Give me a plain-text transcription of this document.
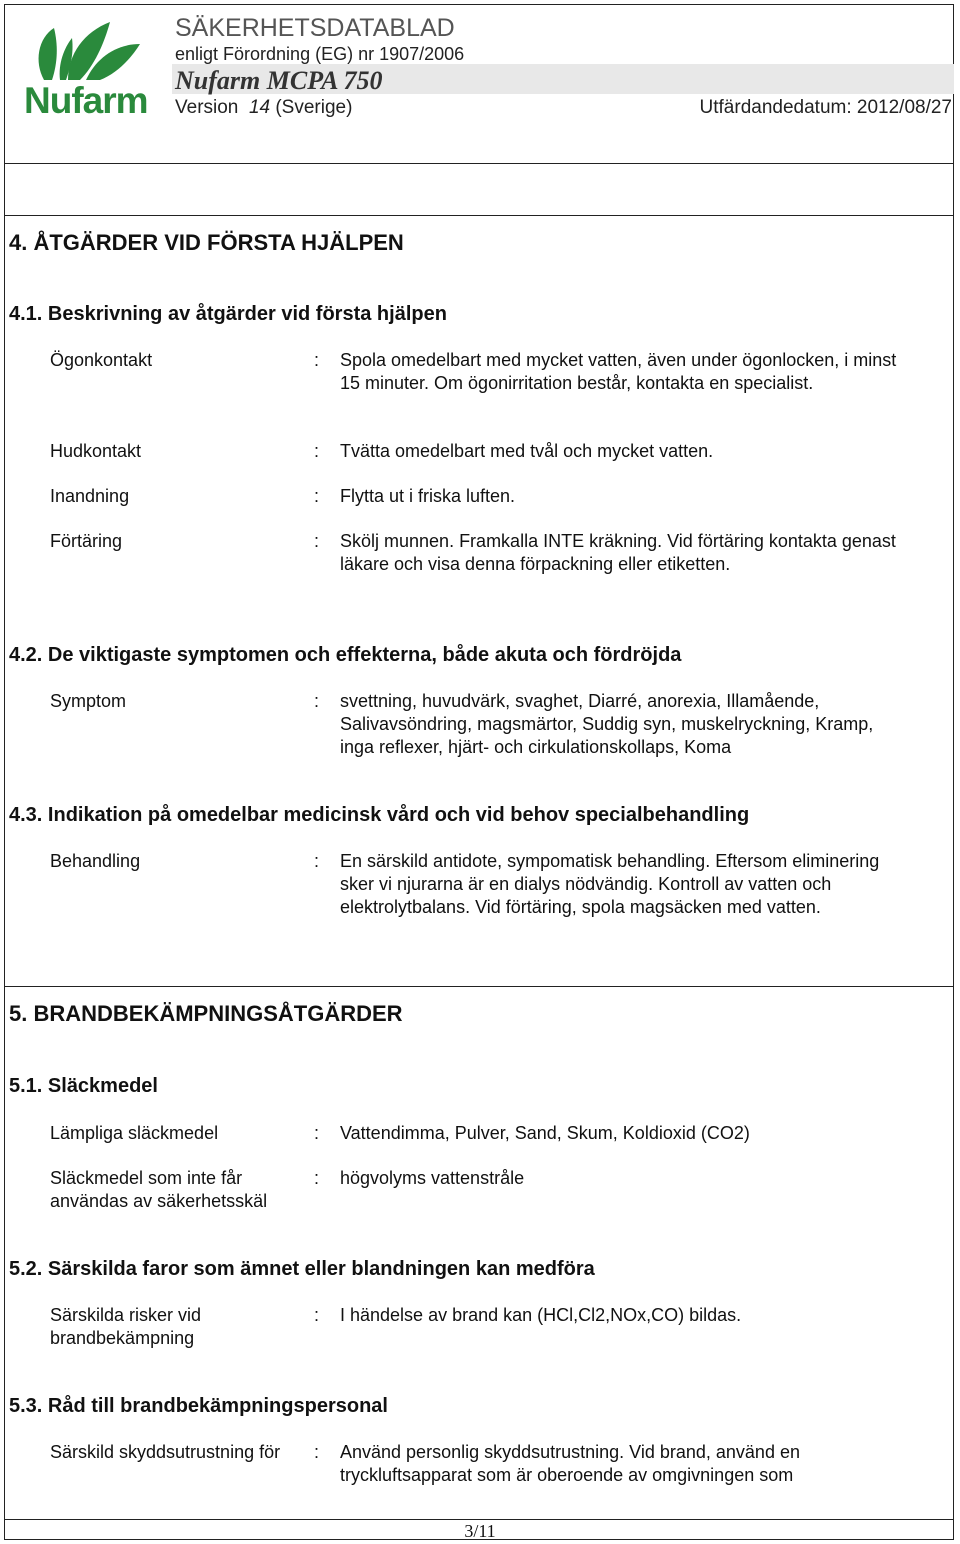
Nufarm
SÄKERHETSDATABLAD
enligt Förordning (EG) nr 1907/2006
Nufarm MCPA 750
Version 14 (Sverige)	Utfärdandedatum: 2012/08/27
4. ÅTGÄRDER VID FÖRSTA HJÄLPEN
4.1. Beskrivning av åtgärder vid första hjälpen
Ögonkontakt	: Spola omedelbart med mycket vatten, även under ögonlocken, i minst 15 minuter. Om ögonirritation består, kontakta en specialist.
Hudkontakt	: Tvätta omedelbart med tvål och mycket vatten.
Inandning	: Flytta ut i friska luften.
Förtäring	: Skölj munnen. Framkalla INTE kräkning. Vid förtäring kontakta genast läkare och visa denna förpackning eller etiketten.
4.2. De viktigaste symptomen och effekterna, både akuta och fördröjda
Symptom	: svettning, huvudvärk, svaghet, Diarré, anorexia, Illamående, Salivavsöndring, magsmärtor, Suddig syn, muskelryckning, Kramp, inga reflexer, hjärt- och cirkulationskollaps, Koma
4.3. Indikation på omedelbar medicinsk vård och vid behov specialbehandling
Behandling	: En särskild antidote, sympomatisk behandling. Eftersom eliminering sker vi njurarna är en dialys nödvändig. Kontroll av vatten och elektrolytbalans. Vid förtäring, spola magsäcken med vatten.
5. BRANDBEKÄMPNINGSÅTGÄRDER
5.1. Släckmedel
Lämpliga släckmedel	: Vattendimma, Pulver, Sand, Skum, Koldioxid (CO2)
Släckmedel som inte får användas av säkerhetsskäl
: högvolyms vattenstråle
5.2. Särskilda faror som ämnet eller blandningen kan medföra
Särskilda risker vid brandbekämpning
: I händelse av brand kan (HCl,Cl2,NOx,CO) bildas.
5.3. Råd till brandbekämpningspersonal
Särskild skyddsutrustning för	: Använd personlig skyddsutrustning. Vid brand, använd en tryckluftsapparat som är oberoende av omgivningen som
3/11
